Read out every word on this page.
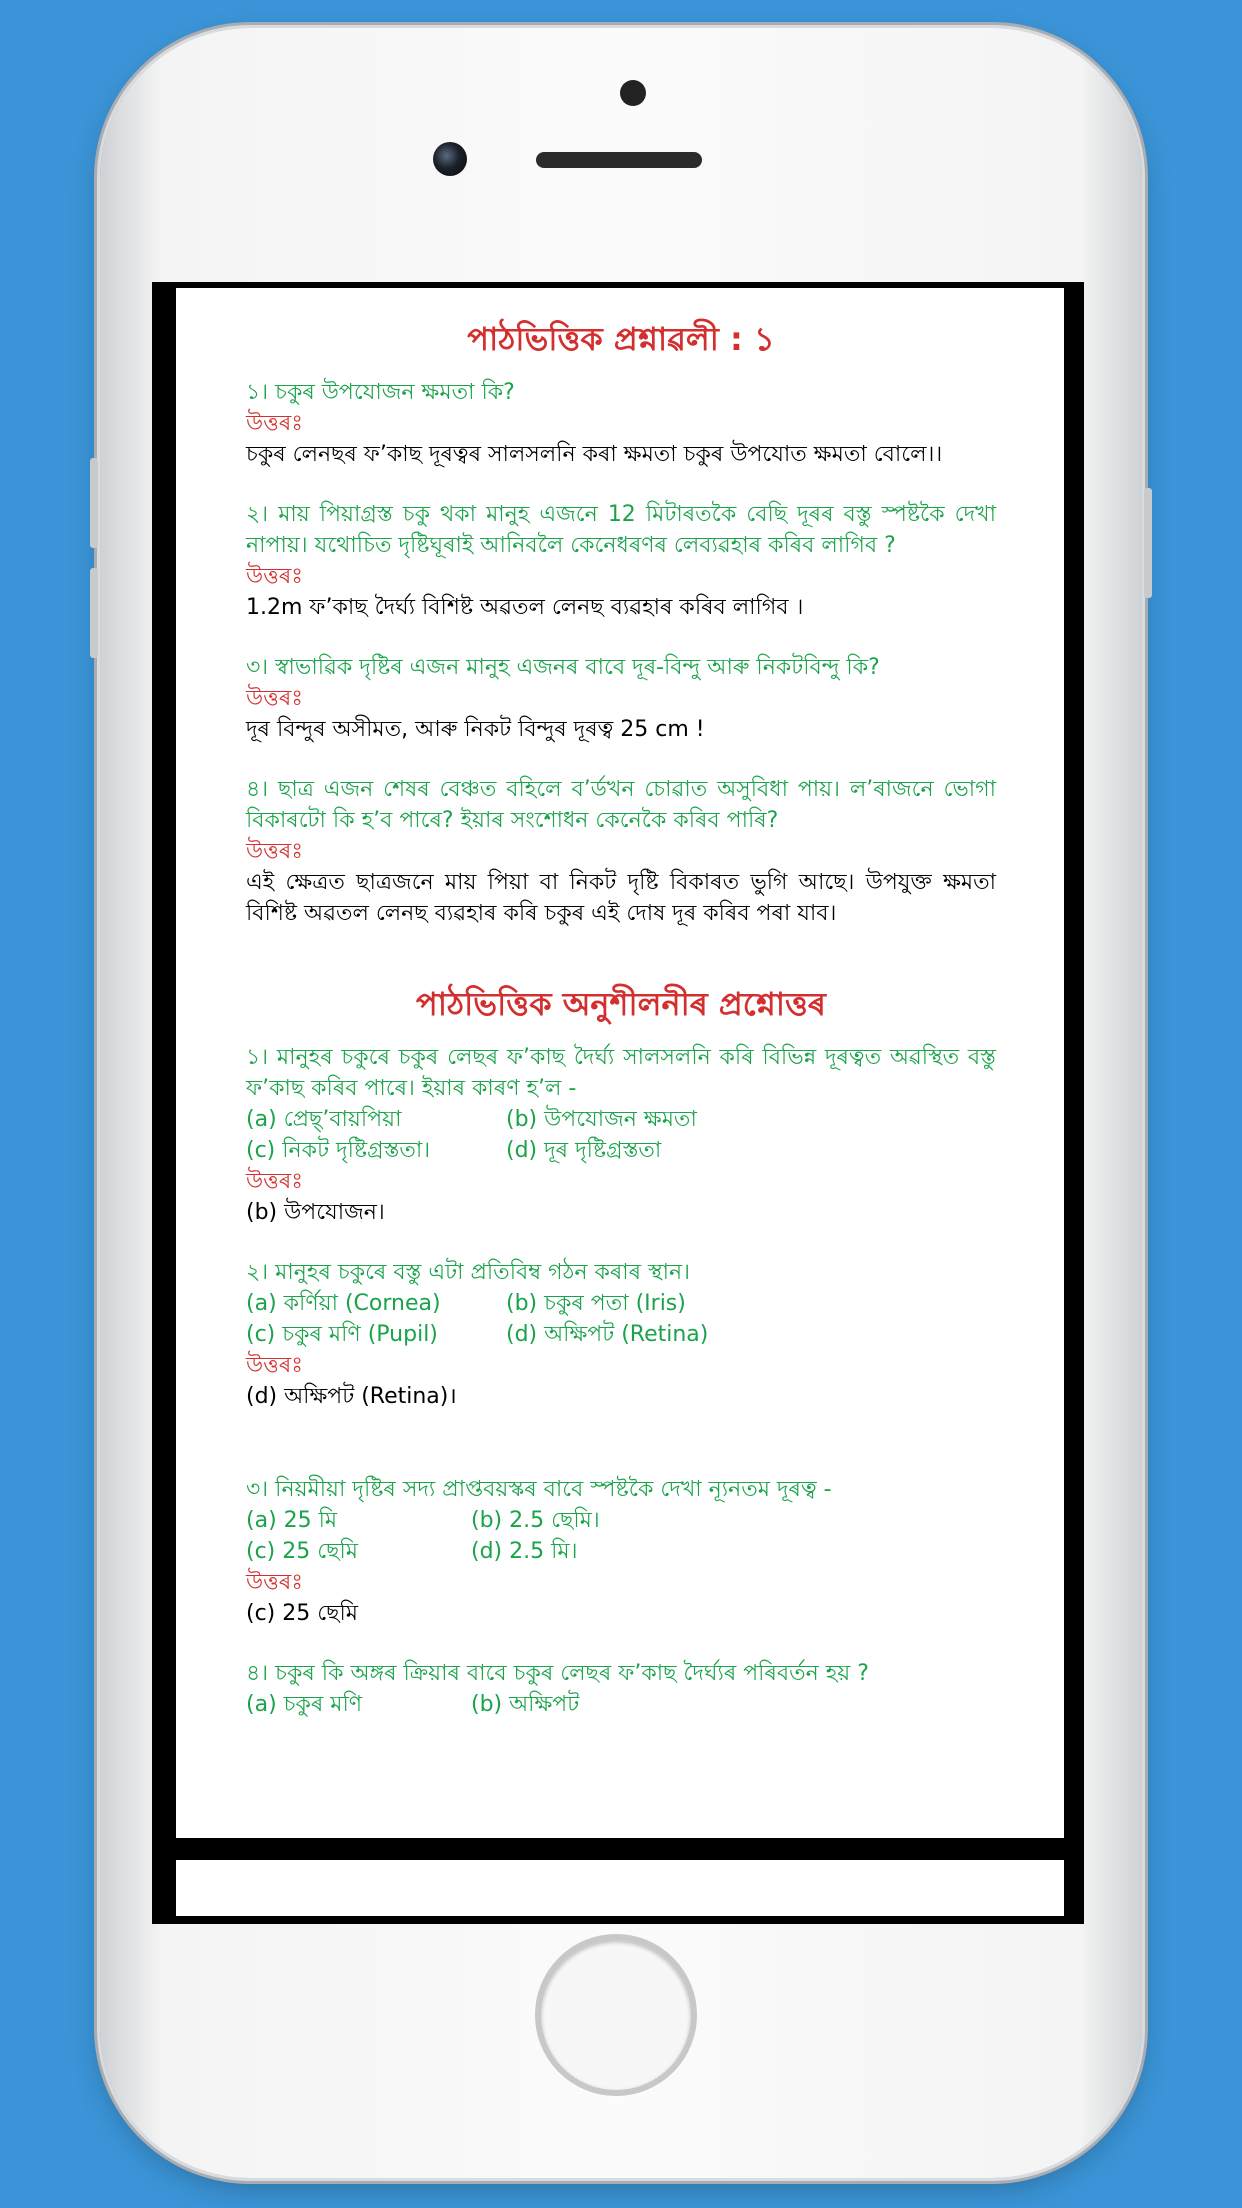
পাঠভিত্তিক প্ৰশ্নাৱলী : ১
১। চকুৰ উপযোজন ক্ষমতা কি?
উত্তৰঃ
চকুৰ লেনছৰ ফ’কাছ দূৰত্বৰ সালসলনি কৰা ক্ষমতা চকুৰ উপযোত ক্ষমতা বোলে।।
২। মায় পিয়াগ্ৰস্ত চকু থকা মানুহ এজনে 12 মিটাৰতকৈ বেছি দূৰৰ বস্তু স্পষ্টকৈ দেখা নাপায়। যথোচিত দৃষ্টিঘূৰাই আনিবলৈ কেনেধৰণৰ লেব্যৱহাৰ কৰিব লাগিব ?
উত্তৰঃ
1.2m ফ’কাছ দৈৰ্ঘ্য বিশিষ্ট অৱতল লেনছ ব্যৱহাৰ কৰিব লাগিব ।
৩। স্বাভাৱিক দৃষ্টিৰ এজন মানুহ এজনৰ বাবে দূৰ-বিন্দু আৰু নিকটবিন্দু কি?
উত্তৰঃ
দূৰ বিন্দুৰ অসীমত, আৰু নিকট বিন্দুৰ দূৰত্ব 25 cm !
৪। ছাত্ৰ এজন শেষৰ বেঞ্চত বহিলে ব’ৰ্ডখন চোৱাত অসুবিধা পায়। ল’ৰাজনে ভোগা বিকাৰটো কি হ’ব পাৰে? ইয়াৰ সংশোধন কেনেকৈ কৰিব পাৰি?
উত্তৰঃ
এই ক্ষেত্ৰত ছাত্ৰজনে মায় পিয়া বা নিকট দৃষ্টি বিকাৰত ভুগি আছে। উপযুক্ত ক্ষমতা বিশিষ্ট অৱতল লেনছ ব্যৱহাৰ কৰি চকুৰ এই দোষ দূৰ কৰিব পৰা যাব।
পাঠভিত্তিক অনুশীলনীৰ প্ৰশ্নোত্তৰ
১। মানুহৰ চকুৰে চকুৰ লেছৰ ফ’কাছ দৈৰ্ঘ্য সালসলনি কৰি বিভিন্ন দূৰত্বত অৱস্থিত বস্তু ফ’কাছ কৰিব পাৰে। ইয়াৰ কাৰণ হ’ল -
(a) প্ৰেছ্’বায়পিয়া	(b) উপযোজন ক্ষমতা
(c) নিকট দৃষ্টিগ্ৰস্ততা।	(d) দূৰ দৃষ্টিগ্ৰস্ততা
উত্তৰঃ
(b) উপযোজন।
২। মানুহৰ চকুৰে বস্তু এটা প্ৰতিবিম্ব গঠন কৰাৰ স্থান।
(a) কৰ্ণিয়া (Cornea)	(b) চকুৰ পতা (Iris)
(c) চকুৰ মণি (Pupil)	(d) অক্ষিপট (Retina)
উত্তৰঃ
(d) অক্ষিপট (Retina)।
৩। নিয়মীয়া দৃষ্টিৰ সদ্য প্ৰাপ্তবয়স্কৰ বাবে স্পষ্টকৈ দেখা ন্যূনতম দূৰত্ব -
(a) 25 মি	(b) 2.5 ছেমি।
(c) 25 ছেমি	(d) 2.5 মি।
উত্তৰঃ
(c) 25 ছেমি
৪। চকুৰ কি অঙ্গৰ ক্ৰিয়াৰ বাবে চকুৰ লেছৰ ফ’কাছ দৈৰ্ঘ্যৰ পৰিবৰ্তন হয় ?
(a) চকুৰ মণি	(b) অক্ষিপট
